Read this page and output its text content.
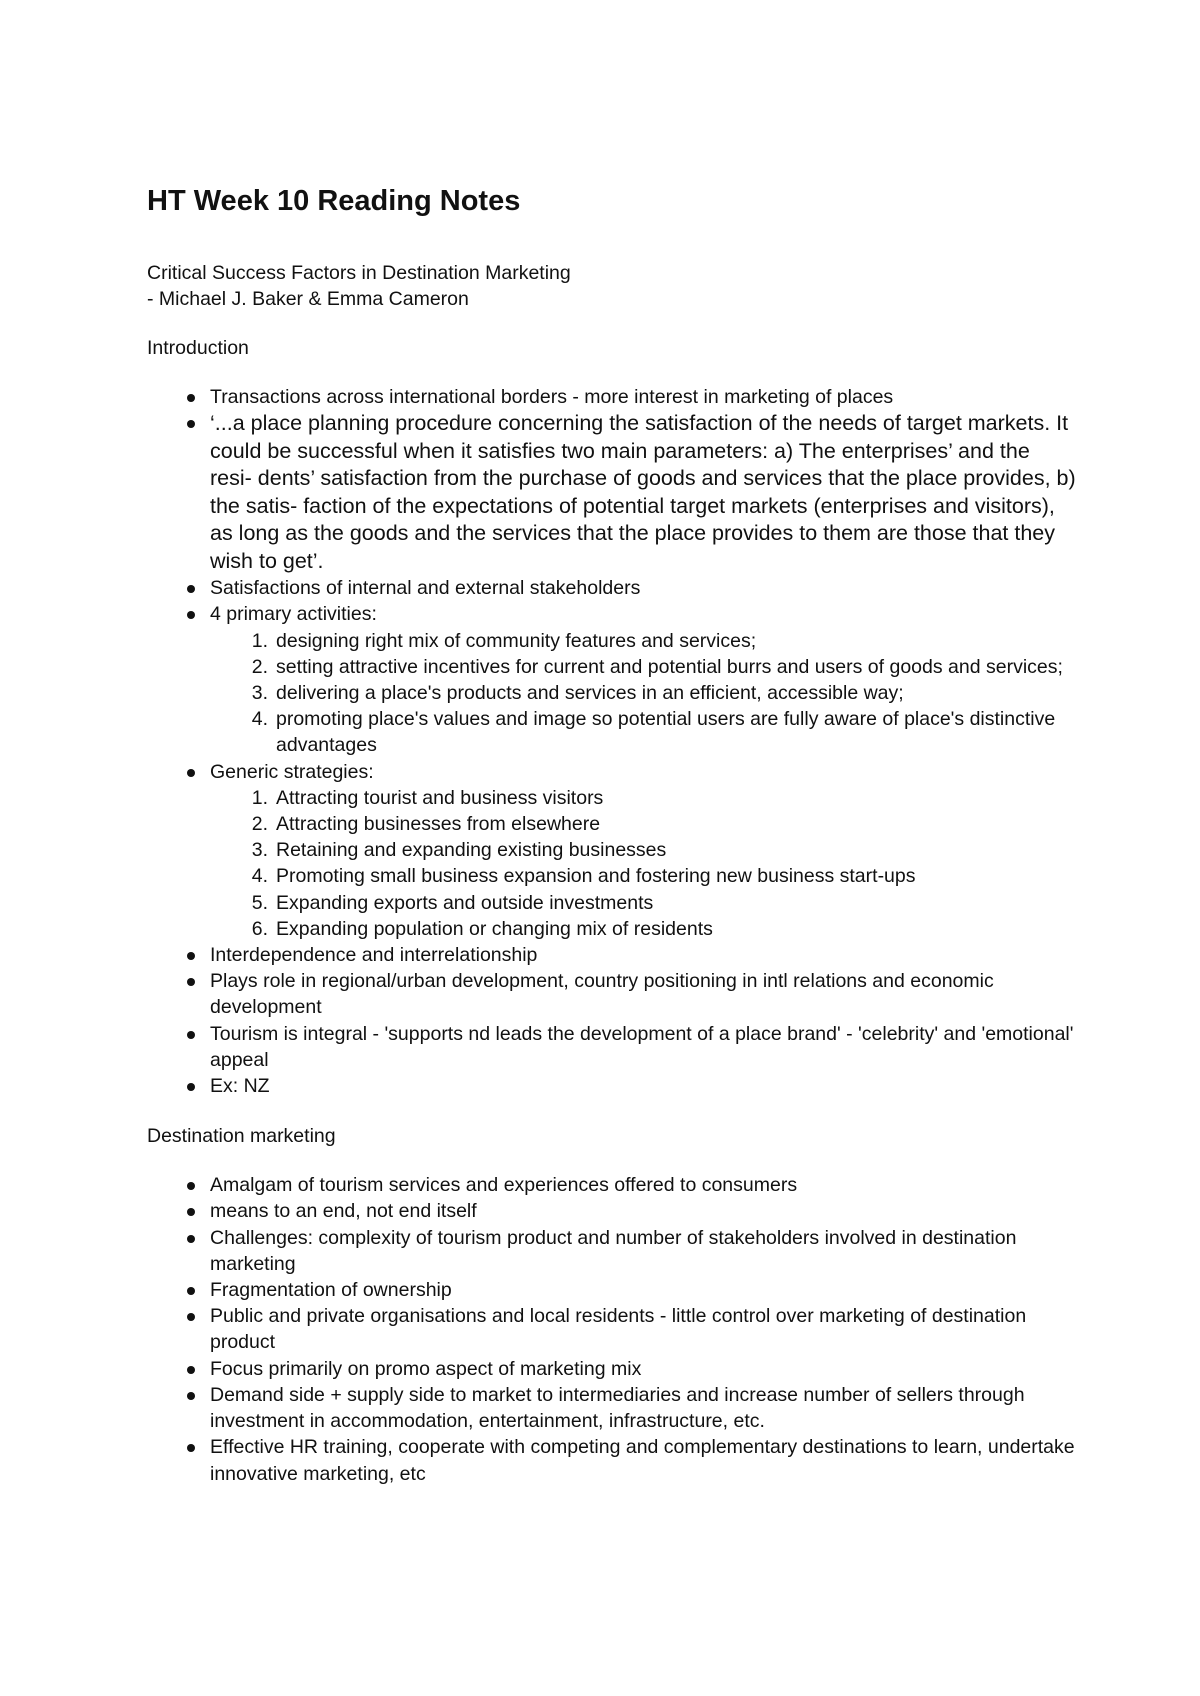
HT Week 10 Reading Notes

Critical Success Factors in Destination Marketing

- Michael J. Baker & Emma Cameron

Introduction

Transactions across international borders - more interest in marketing of places
‘...a place planning procedure concerning the satisfaction of the needs of target markets. It could be successful when it satisfies two main parameters: a) The enterprises’ and the resi- dents’ satisfaction from the purchase of goods and services that the place provides, b) the satis- faction of the expectations of potential target markets (enterprises and visitors), as long as the goods and the services that the place provides to them are those that they wish to get’.
Satisfactions of internal and external stakeholders
4 primary activities:
1. designing right mix of community features and services;
2. setting attractive incentives for current and potential burrs and users of goods and services;
3. delivering a place's products and services in an efficient, accessible way;
4. promoting place's values and image so potential users are fully aware of place's distinctive advantages
Generic strategies:
1. Attracting tourist and business visitors
2. Attracting businesses from elsewhere
3. Retaining and expanding existing businesses
4. Promoting small business expansion and fostering new business start-ups
5. Expanding exports and outside investments
6. Expanding population or changing mix of residents
Interdependence and interrelationship
Plays role in regional/urban development, country positioning in intl relations and economic development
Tourism is integral - 'supports nd leads the development of a place brand' - 'celebrity' and 'emotional' appeal
Ex: NZ

Destination marketing

Amalgam of tourism services and experiences offered to consumers
means to an end, not end itself
Challenges: complexity of tourism product and number of stakeholders involved in destination marketing
Fragmentation of ownership
Public and private organisations and local residents - little control over marketing of destination product
Focus primarily on promo aspect of marketing mix
Demand side + supply side to market to intermediaries and increase number of sellers through investment in accommodation, entertainment, infrastructure, etc.
Effective HR training, cooperate with competing and complementary destinations to learn, undertake innovative marketing, etc
